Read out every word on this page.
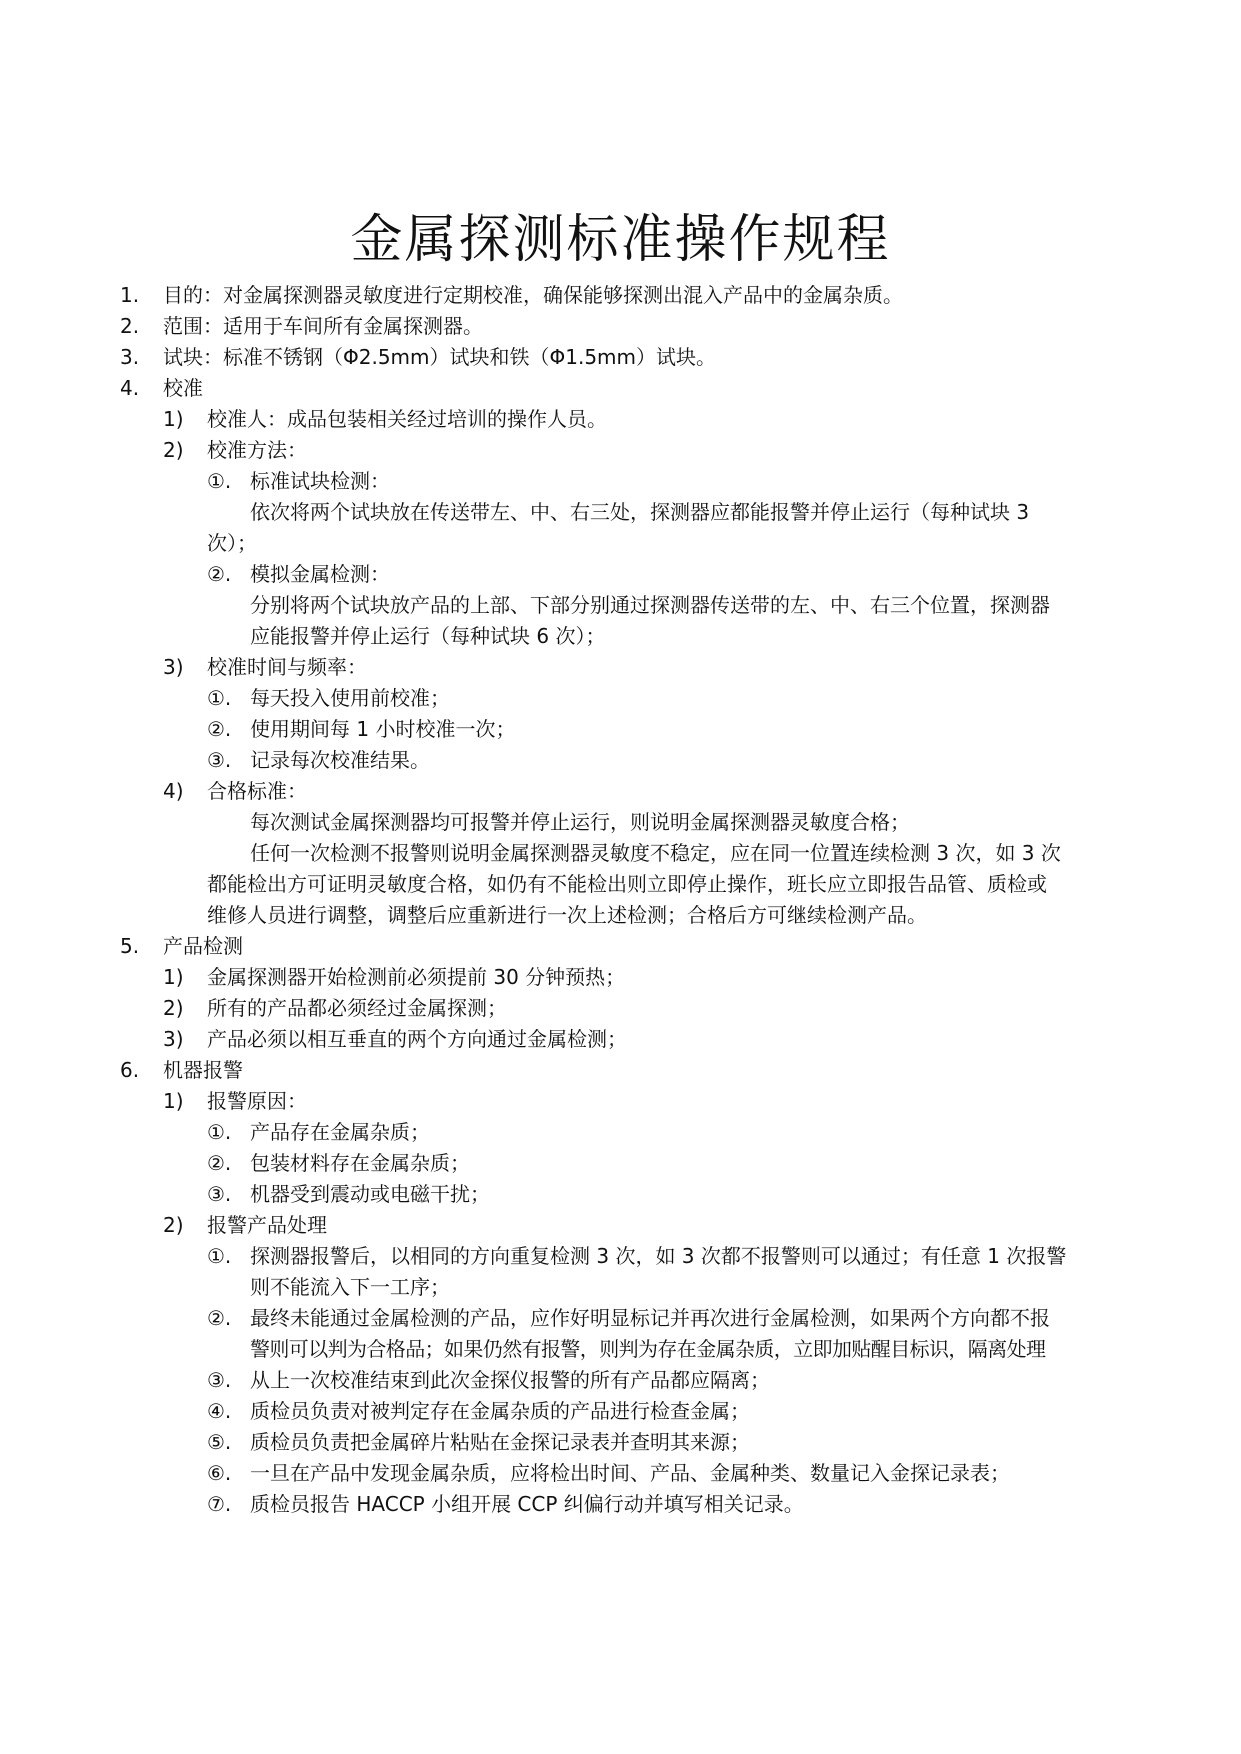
金属探测标准操作规程
1. 目的：对金属探测器灵敏度进行定期校准，确保能够探测出混入产品中的金属杂质。
2. 范围：适用于车间所有金属探测器。
3. 试块：标准不锈钢（Φ2.5mm）试块和铁（Φ1.5mm）试块。
4. 校准
1) 校准人：成品包装相关经过培训的操作人员。
2) 校准方法：
①. 标准试块检测：
依次将两个试块放在传送带左、中、右三处，探测器应都能报警并停止运行（每种试块 3
次）；
②. 模拟金属检测：
分别将两个试块放产品的上部、下部分别通过探测器传送带的左、中、右三个位置，探测器
应能报警并停止运行（每种试块 6 次）；
3) 校准时间与频率：
①. 每天投入使用前校准；
②. 使用期间每 1 小时校准一次；
③. 记录每次校准结果。
4) 合格标准：
每次测试金属探测器均可报警并停止运行，则说明金属探测器灵敏度合格；
任何一次检测不报警则说明金属探测器灵敏度不稳定，应在同一位置连续检测 3 次，如 3 次
都能检出方可证明灵敏度合格，如仍有不能检出则立即停止操作，班长应立即报告品管、质检或
维修人员进行调整，调整后应重新进行一次上述检测；合格后方可继续检测产品。
5. 产品检测
1) 金属探测器开始检测前必须提前 30 分钟预热；
2) 所有的产品都必须经过金属探测；
3) 产品必须以相互垂直的两个方向通过金属检测；
6. 机器报警
1) 报警原因：
①. 产品存在金属杂质；
②. 包装材料存在金属杂质；
③. 机器受到震动或电磁干扰；
2) 报警产品处理
①. 探测器报警后，以相同的方向重复检测 3 次，如 3 次都不报警则可以通过；有任意 1 次报警
则不能流入下一工序；
②. 最终未能通过金属检测的产品，应作好明显标记并再次进行金属检测，如果两个方向都不报
警则可以判为合格品；如果仍然有报警，则判为存在金属杂质，立即加贴醒目标识，隔离处理
③. 从上一次校准结束到此次金探仪报警的所有产品都应隔离；
④. 质检员负责对被判定存在金属杂质的产品进行检查金属；
⑤. 质检员负责把金属碎片粘贴在金探记录表并查明其来源；
⑥. 一旦在产品中发现金属杂质，应将检出时间、产品、金属种类、数量记入金探记录表；
⑦. 质检员报告 HACCP 小组开展 CCP 纠偏行动并填写相关记录。
